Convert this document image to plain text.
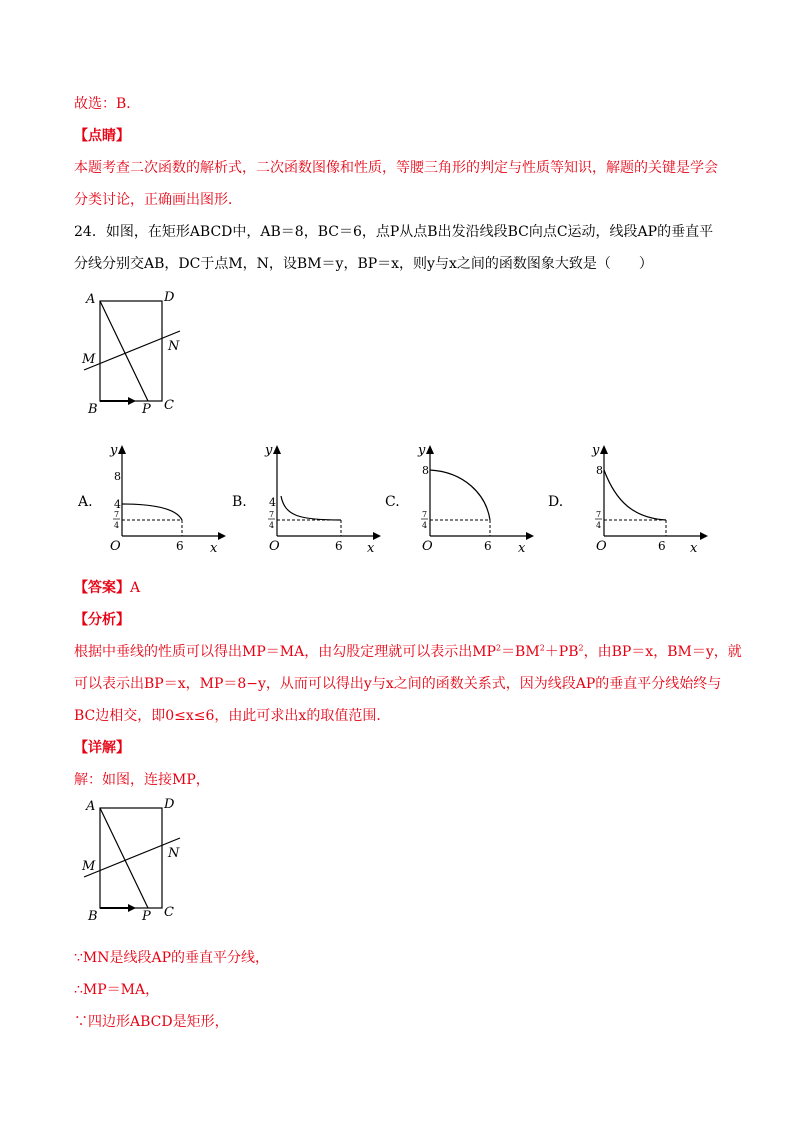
故选：B．
【点睛】
本题考查二次函数的解析式，二次函数图像和性质，等腰三角形的判定与性质等知识，解题的关键是学会
分类讨论，正确画出图形．
24．如图，在矩形ABCD中，AB＝8，BC＝6，点P从点B出发沿线段BC向点C运动，线段AP的垂直平
分线分别交AB，DC于点M，N，设BM＝y，BP＝x，则y与x之间的函数图象大致是（　　）
A	D
N
M
B	P C
A.	B.	C.	D.
y
8
4
7
4
O	6 x
y
4
7
4
O	6 x
y
8
7
4
O	6 x
y
8
7
4
O	6 x
【答案】A
【分析】
根据中垂线的性质可以得出MP＝MA，由勾股定理就可以表示出$MP^2=BM^2+PB^2$，由BP＝x，BM＝y，就
可以表示出BP＝x，MP＝8−y，从而可以得出y与x之间的函数关系式，因为线段AP的垂直平分线始终与
BC边相交，即0≤x≤6，由此可求出x的取值范围．
【详解】
解：如图，连接MP，
A	D
N
M
B	P C
∵MN是线段AP的垂直平分线，
∴MP＝MA，
∵四边形ABCD是矩形，
